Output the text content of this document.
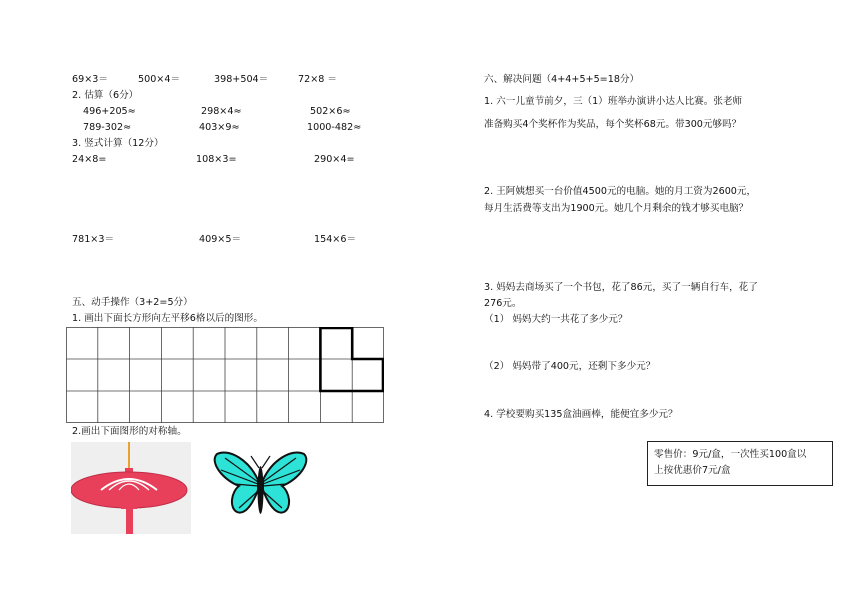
69×3＝	500×4＝	398+504＝	72×8 ＝
2. 估算（6分）
496+205≈	298×4≈	502×6≈
789-302≈	403×9≈	1000-482≈
3. 竖式计算（12分）
24×8=	108×3=	290×4=
781×3＝	409×5＝	154×6＝
五、动手操作（3+2=5分）
1. 画出下面长方形向左平移6格以后的图形。
2.画出下面图形的对称轴。
六、解决问题（4+4+5+5=18分）
1. 六一儿童节前夕，三（1）班举办演讲小达人比赛。张老师
准备购买4个奖杯作为奖品，每个奖杯68元。带300元够吗？
2. 王阿姨想买一台价值4500元的电脑。她的月工资为2600元，
每月生活费等支出为1900元。她几个月剩余的钱才够买电脑？
3. 妈妈去商场买了一个书包，花了86元，买了一辆自行车，花了
276元。
（1） 妈妈大约一共花了多少元？
（2） 妈妈带了400元，还剩下多少元？
4. 学校要购买135盒油画棒，能便宜多少元？
零售价：9元/盒，一次性买100盒以
上按优惠价7元/盒
